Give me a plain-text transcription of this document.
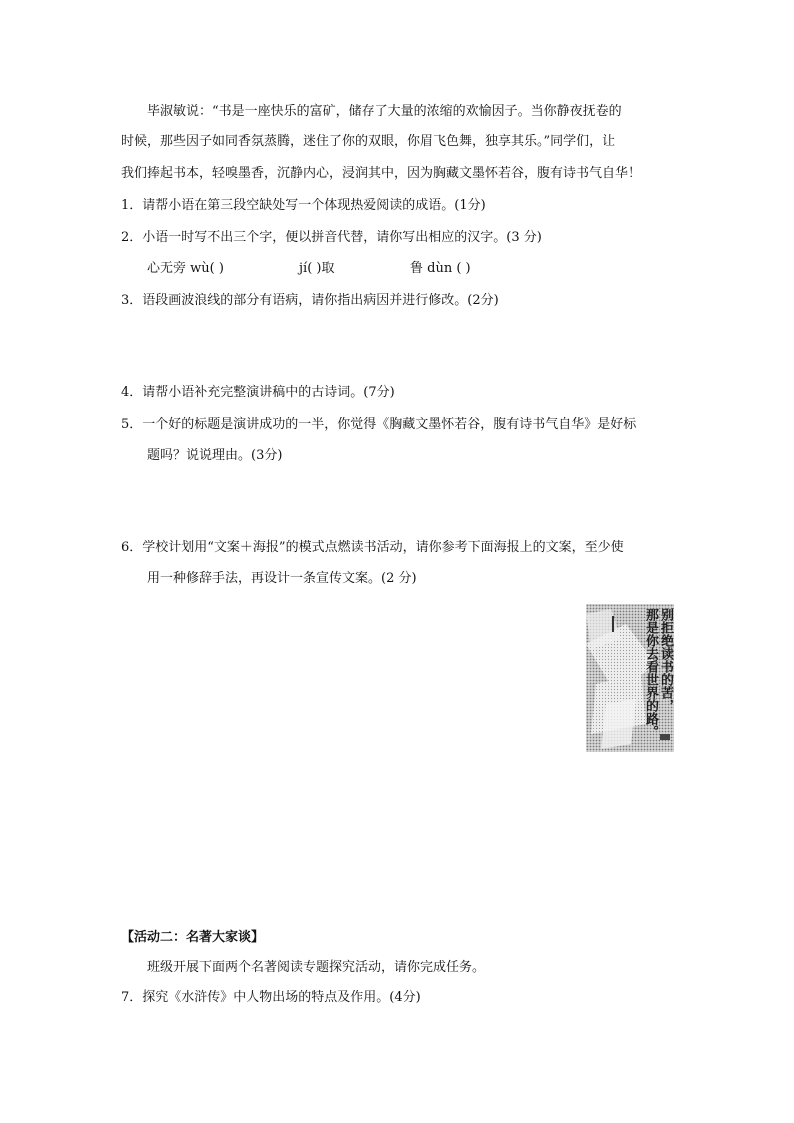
毕淑敏说：“书是一座快乐的富矿，储存了大量的浓缩的欢愉因子。当你静夜抚卷的
时候，那些因子如同香氛蒸腾，迷住了你的双眼，你眉飞色舞，独享其乐。”同学们，让
我们捧起书本，轻嗅墨香，沉静内心，浸润其中，因为胸藏文墨怀若谷，腹有诗书气自华！
1．请帮小语在第三段空缺处写一个体现热爱阅读的成语。(1分)
2．小语一时写不出三个字，便以拼音代替，请你写出相应的汉字。(3 分)
心无旁 wù( )	jí( )取	鲁 dùn ( )
3．语段画波浪线的部分有语病，请你指出病因并进行修改。(2分)
4．请帮小语补充完整演讲稿中的古诗词。(7分)
5．一个好的标题是演讲成功的一半，你觉得《胸藏文墨怀若谷，腹有诗书气自华》是好标
题吗？说说理由。(3分)
6．学校计划用“文案＋海报”的模式点燃读书活动，请你参考下面海报上的文案，至少使
用一种修辞手法，再设计一条宣传文案。(2 分)
别拒绝读书的苦，
那是你去看世界的路。
【活动二：名著大家谈】
班级开展下面两个名著阅读专题探究活动，请你完成任务。
7．探究《水浒传》中人物出场的特点及作用。(4分)
